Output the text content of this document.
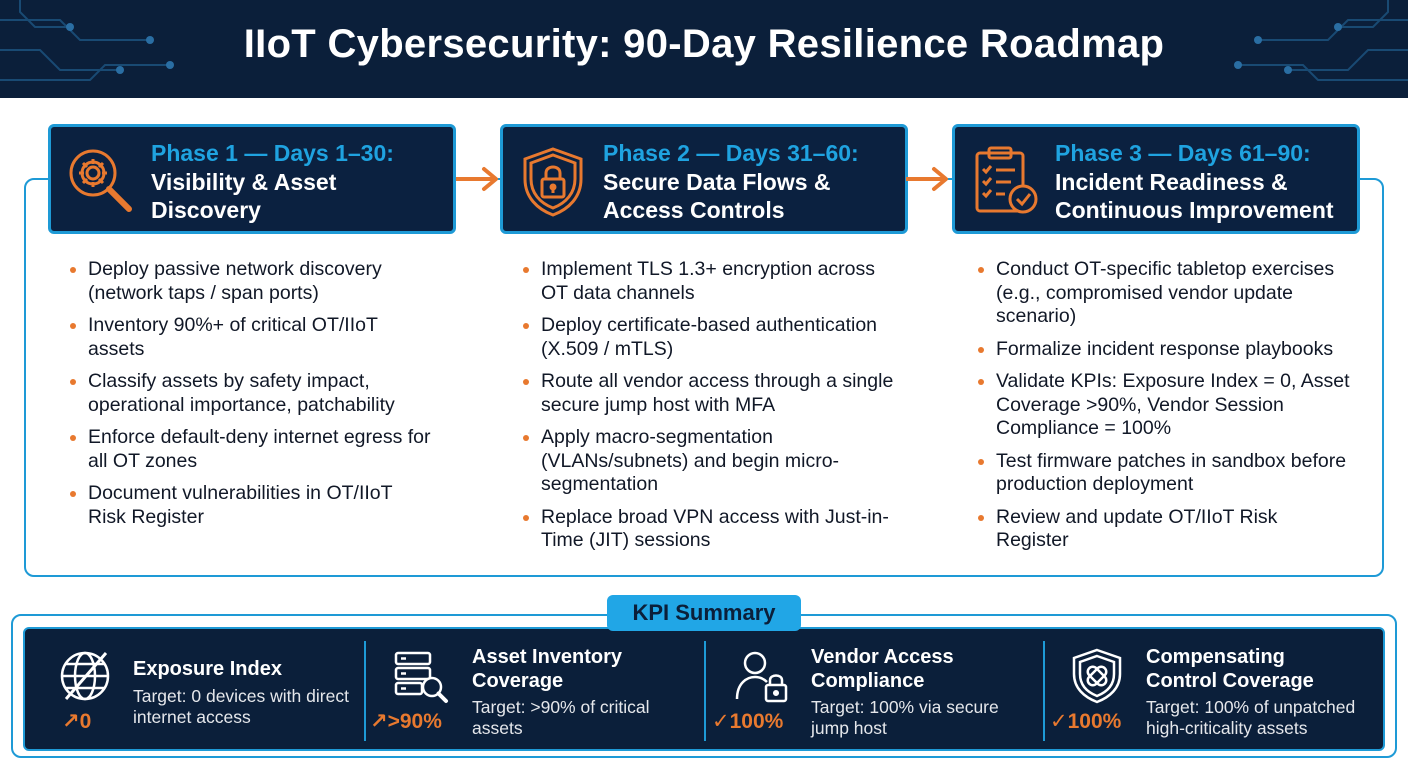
IIoT Cybersecurity: 90-Day Resilience Roadmap
Phase 1 — Days 1–30:
Visibility & Asset
Discovery
Phase 2 — Days 31–60:
Secure Data Flows &
Access Controls
Phase 3 — Days 61–90:
Incident Readiness &
Continuous Improvement
Deploy passive network discovery (network taps / span ports)
Inventory 90%+ of critical OT/IIoT assets
Classify assets by safety impact, operational importance, patchability
Enforce default-deny internet egress for all OT zones
Document vulnerabilities in OT/IIoT Risk Register
Implement TLS 1.3+ encryption across OT data channels
Deploy certificate-based authentication (X.509 / mTLS)
Route all vendor access through a single secure jump host with MFA
Apply macro-segmentation (VLANs/subnets) and begin micro-segmentation
Replace broad VPN access with Just-in-Time (JIT) sessions
Conduct OT-specific tabletop exercises (e.g., compromised vendor update scenario)
Formalize incident response playbooks
Validate KPIs: Exposure Index = 0, Asset Coverage >90%, Vendor Session Compliance = 100%
Test firmware patches in sandbox before production deployment
Review and update OT/IIoT Risk Register
KPI Summary
↗0
Exposure Index
Target: 0 devices with direct internet access	↗>90%
Asset Inventory
Coverage
Target: >90% of critical assets	✓100%
Vendor Access
Compliance
Target: 100% via secure jump host	✓100%
Compensating
Control Coverage
Target: 100% of unpatched high-criticality assets
